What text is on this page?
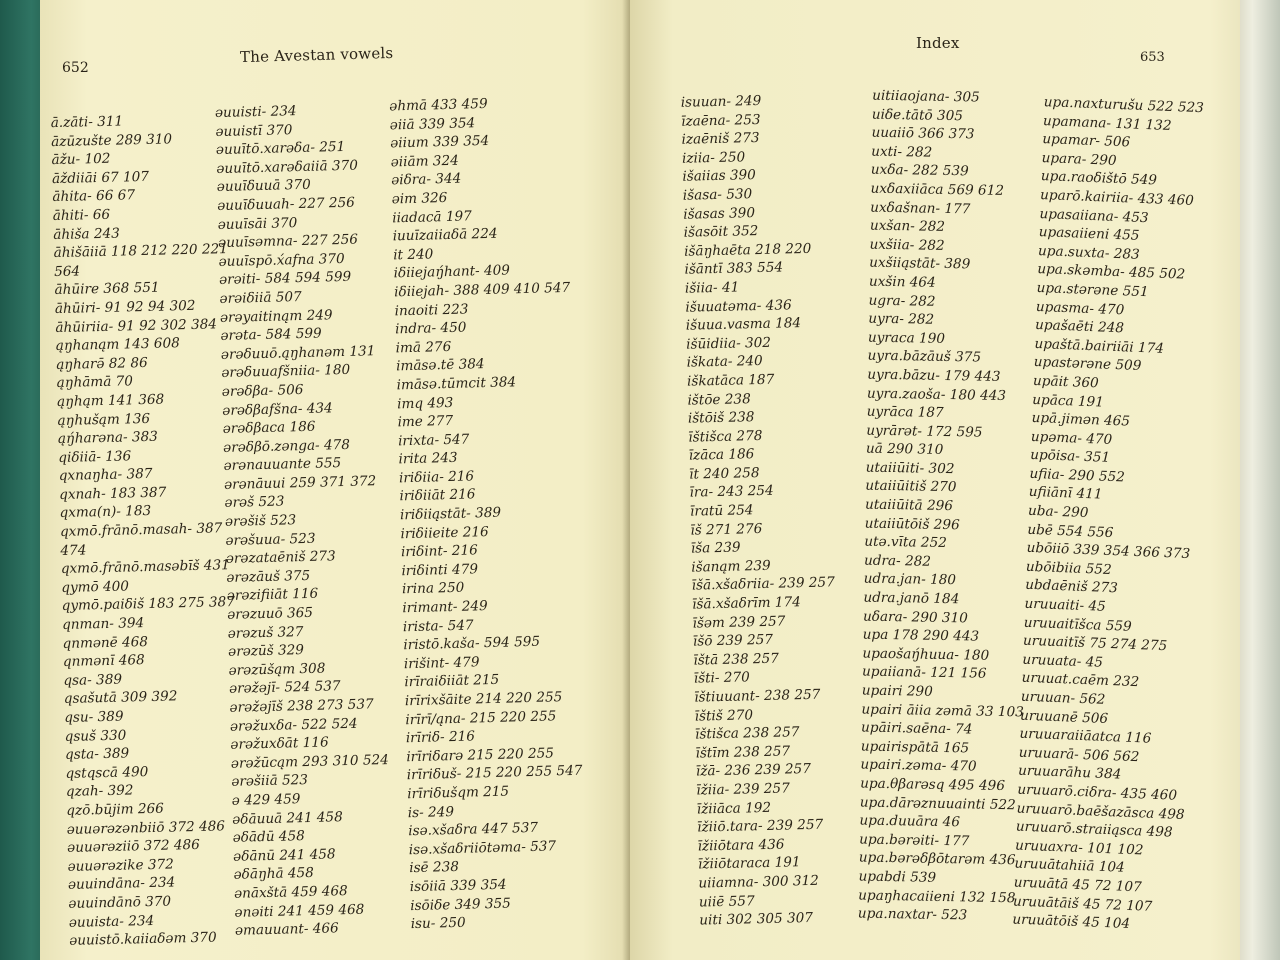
652
The Avestan vowels
ā.zāti- 311
āzūzušte 289 310
āžu- 102
āždiiāi 67 107
āhita- 66 67
āhiti- 66
āhiša 243
āhišāiiā 118 212 220 221
564
āhūire 368 551
āhūiri- 91 92 94 302
āhūiriia- 91 92 302 384
ąŋhanąm 143 608
ąŋharə̄ 82 86
ąŋhāmā 70
ąŋhąm 141 368
ąŋhušąm 136
ąŋ́harəna- 383
qiδiiā- 136
qxnaŋha- 387
qxnah- 183 387
qxma(n)- 183
qxmō.frānō.masah- 387
474
qxmō.frānō.masəbīš 431
qymō 400
qymō.paiδiš 183 275 387
qnman- 394
qnmənē 468
qnmənī 468
qsa- 389
qsašutā 309 392
qsu- 389
qsuš 330
qsta- 389
qstqscā 490
qzah- 392
qzō.būjim 266
əuuərəzənbiiō 372 486
əuuərəziiō 372 486
əuuərəzike 372
əuuindāna- 234
əuuindānō 370
əuuista- 234
əuuistō.kaiiaδəm 370
əuuisti- 234
əuuistī 370
əuuītō.xarəδa- 251
əuuītō.xarəδaiiā 370
əuuīδuuā 370
əuuīδuuah- 227 256
əuuīsāi 370
əuuīsəmna- 227 256
əuuīspō.x́afna 370
ərəiti- 584 594 599
ərəiδiiā 507
ərəyaitinąm 249
ərəta- 584 599
ərəδuuō.ąŋhanəm 131
ərəδuuafšniia- 180
ərəδβa- 506
ərəδβafšna- 434
ərəδβaca 186
ərəδβō.zənga- 478
ərənauuante 555
ərənāuui 259 371 372
ərəš 523
ərəšiš 523
ərəšuua- 523
ərəzataēniš 273
ərəzāuš 375
ərəzifiiāt 116
ərəzuuō 365
ərəzuš 327
ərəzūš 329
ərəzūšąm 308
ərəžəjī- 524 537
ərəžəjīš 238 273 537
ərəžuxδa- 522 524
ərəžuxδāt 116
ərəžūcąm 293 310 524
ərəšiiā 523
ə 429 459
əδāuuā 241 458
əδādū 458
əδānū 241 458
əδāŋhā 458
ənāxštā 459 468
ənəiti 241 459 468
əmauuant- 466
əhmā 433 459
əiiā 339 354
əiium 339 354
əiiām 324
əiδra- 344
əim 326
iiadacā 197
iuuīzaiiaδā 224
it 240
iδiiejaŋ́hant- 409
iδiiejah- 388 409 410 547
inaoiti 223
indra- 450
imā 276
imāsə.tē 384
imāsə.tūmcit 384
imq 493
ime 277
irixta- 547
irita 243
iriδiia- 216
iriδiiāt 216
iriδiiąstāt- 389
iriδiieite 216
iriδint- 216
iriδinti 479
irina 250
irimant- 249
irista- 547
iristō.kaša- 594 595
irišint- 479
irīraiδiiāt 215
irīrixšāite 214 220 255
irīrī/ąna- 215 220 255
irīriδ- 216
irīriδarə 215 220 255
irīriδuš- 215 220 255 547
irīriδušqm 215
is- 249
isə.xšaδra 447 537
isə.xšaδriiōtəma- 537
isē 238
isōiiā 339 354
isōiδe 349 355
isu- 250
Index
653
isuuan- 249
īzaēna- 253
izaēniš 273
iziia- 250
išaiias 390
išasa- 530
išasas 390
išasōit 352
išāŋhaēta 218 220
išāntī 383 554
išiia- 41
išuuatəma- 436
išuua.vasma 184
išūidiia- 302
iškata- 240
iškatāca 187
ištōe 238
ištōiš 238
īštišca 278
īzāca 186
īt 240 258
īra- 243 254
īratū 254
īš 271 276
īša 239
išanąm 239
īšā.xšaδriia- 239 257
īšā.xšaδrīm 174
īšəm 239 257
īšō 239 257
īštā 238 257
īšti- 270
īštiuuant- 238 257
īštiš 270
īštišca 238 257
īštīm 238 257
īžā- 236 239 257
īžiia- 239 257
īžiiāca 192
īžiiō.tara- 239 257
īžiiōtara 436
īžiiōtaraca 191
uiiamna- 300 312
uiiē 557
uiti 302 305 307
uitiiaojana- 305
uiδe.tātō 305
uuaiiō 366 373
uxti- 282
uxδa- 282 539
uxδaxiiāca 569 612
uxδašnan- 177
uxšan- 282
uxšiia- 282
uxšiiąstāt- 389
uxšin 464
ugra- 282
uyra- 282
uyraca 190
uyra.bāzāuš 375
uyra.bāzu- 179 443
uyra.zaoša- 180 443
uyrāca 187
uyrārət- 172 595
uā 290 310
utaiiūiti- 302
utaiiūitiš 270
utaiiūitā 296
utaiiūtōiš 296
utə.vīta 252
udra- 282
udra.jan- 180
udra.janō 184
uδara- 290 310
upa 178 290 443
upaošaŋ́huua- 180
upaiianā- 121 156
upairi 290
upairi āiia zəmā 33 103
upāiri.saēna- 74
upairispātā 165
upairi.zəma- 470
upa.θβarəsq 495 496
upa.dārəznuuainti 522
upa.duuāra 46
upa.bərəiti- 177
upa.bərəδβōtarəm 436
upabdi 539
upaŋhacaiieni 132 158
upa.naxtar- 523
upa.naxturušu 522 523
upamana- 131 132
upamar- 506
upara- 290
upa.raoδištō 549
uparō.kairiia- 433 460
upasaiiana- 453
upasaiieni 455
upa.suxta- 283
upa.skəmba- 485 502
upa.stərəne 551
upasma- 470
upašaēti 248
upaštā.bairiiāi 174
upastərəne 509
upāit 360
upāca 191
upā.jimən 465
upəma- 470
upōisa- 351
ufiia- 290 552
ufiiānī 411
uba- 290
ubē 554 556
ubōiiō 339 354 366 373
ubōibiia 552
ubdaēniš 273
uruuaiti- 45
uruuaitīšca 559
uruuaitīš 75 274 275
uruuata- 45
uruuat.caēm 232
uruuan- 562
uruuanē 506
uruuaraiiāatca 116
uruuarā- 506 562
uruuarāhu 384
uruuarō.ciδra- 435 460
uruuarō.baēšazāsca 498
uruuarō.straiiąsca 498
uruuaxra- 101 102
uruuātahiiā 104
uruuātā 45 72 107
uruuātāiš 45 72 107
uruuātōiš 45 104
